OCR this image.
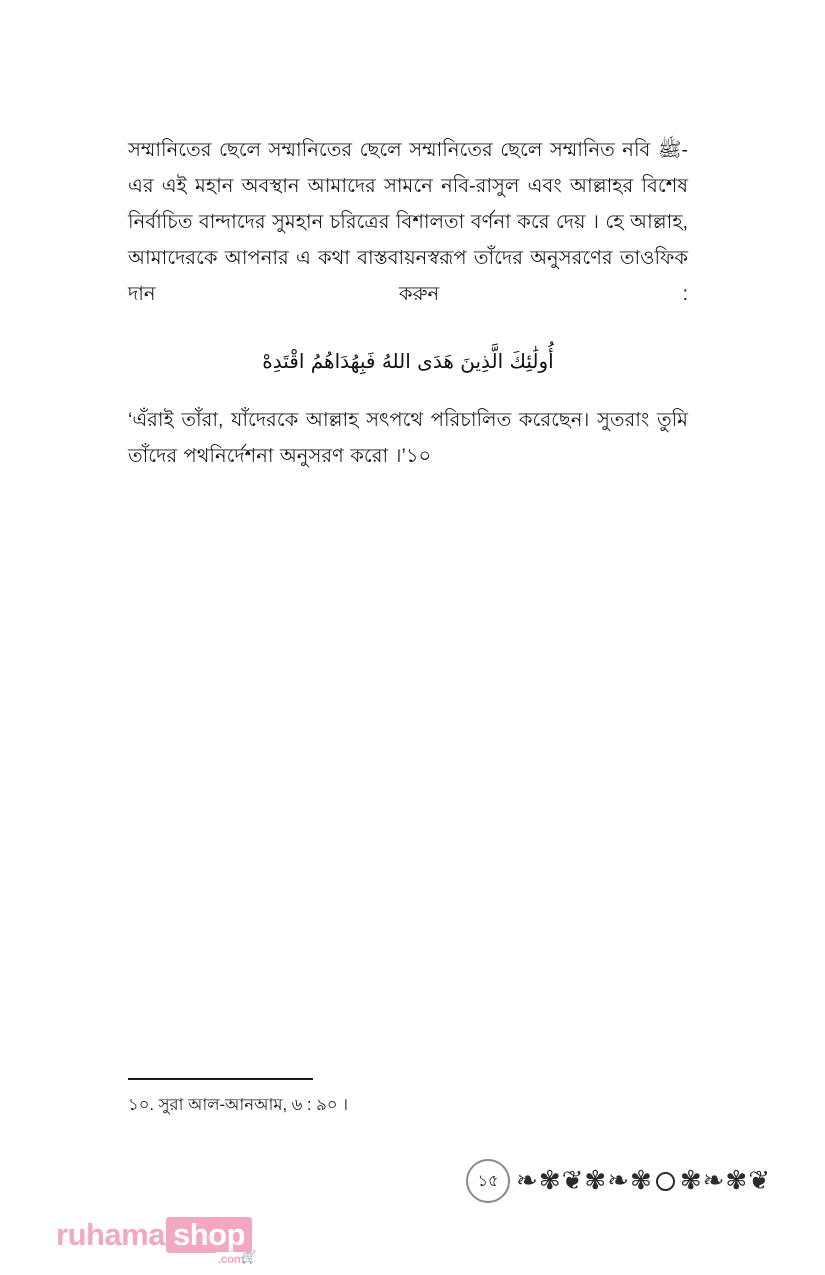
সম্মানিতের ছেলে সম্মানিতের ছেলে সম্মানিতের ছেলে সম্মানিত নবি ﷺ-এর এই মহান অবস্থান আমাদের সামনে নবি-রাসুল এবং আল্লাহর বিশেষ নির্বাচিত বান্দাদের সুমহান চরিত্রের বিশালতা বর্ণনা করে দেয় । হে আল্লাহ, আমাদেরকে আপনার এ কথা বাস্তবায়নস্বরূপ তাঁদের অনুসরণের তাওফিক দান করুন :

أُولَٰئِكَ الَّذِينَ هَدَى اللهُ فَبِهُدَاهُمُ اقْتَدِهْ

‘এঁরাই তাঁরা, যাঁদেরকে আল্লাহ সৎপথে পরিচালিত করেছেন। সুতরাং তুমি তাঁদের পথনির্দেশনা অনুসরণ করো ।’১০

১০. সুরা আল-আনআম, ৬ : ৯০ ।
১৫ ❧ ✾ ❦ ✾ ❧ ✾ ✾ ❧ ✾ ❦
ruhama shop
.com
🛒
